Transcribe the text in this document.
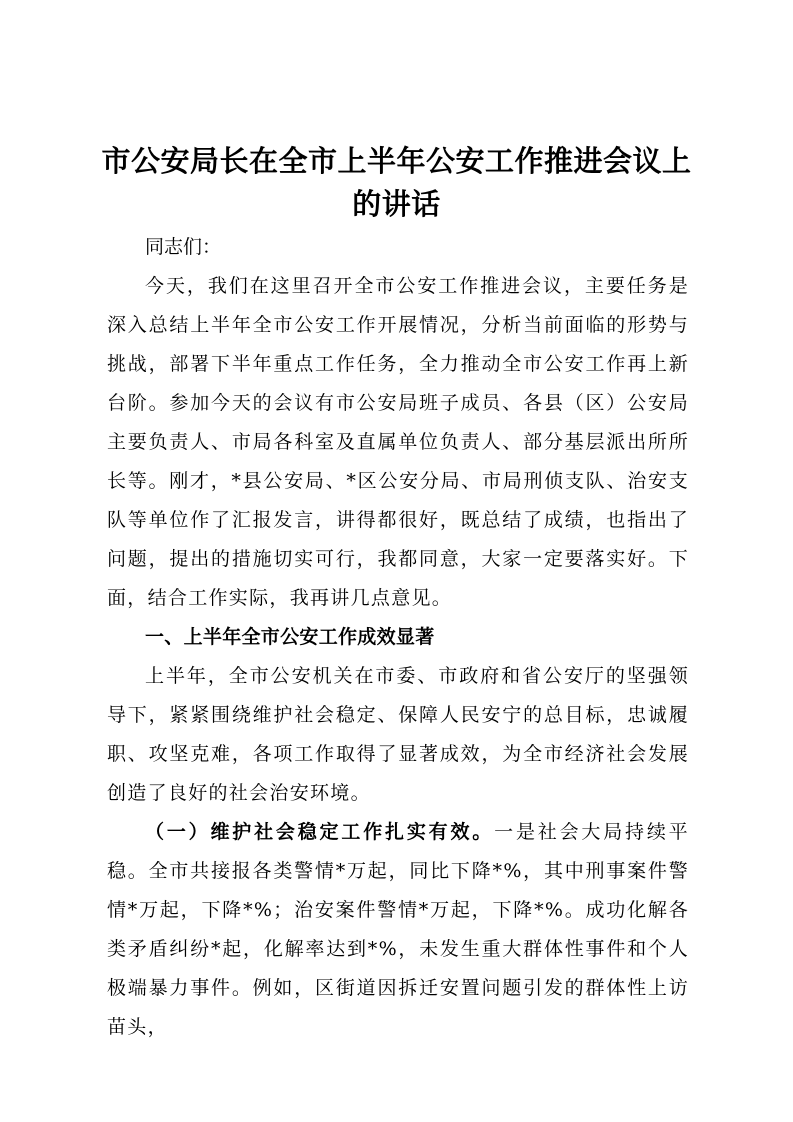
市公安局长在全市上半年公安工作推进会议上的讲话

同志们：

今天，我们在这里召开全市公安工作推进会议，主要任务是深入总结上半年全市公安工作开展情况，分析当前面临的形势与挑战，部署下半年重点工作任务，全力推动全市公安工作再上新台阶。参加今天的会议有市公安局班子成员、各县（区）公安局主要负责人、市局各科室及直属单位负责人、部分基层派出所所长等。刚才，*县公安局、*区公安分局、市局刑侦支队、治安支队等单位作了汇报发言，讲得都很好，既总结了成绩，也指出了问题，提出的措施切实可行，我都同意，大家一定要落实好。下面，结合工作实际，我再讲几点意见。

一、上半年全市公安工作成效显著

上半年，全市公安机关在市委、市政府和省公安厅的坚强领导下，紧紧围绕维护社会稳定、保障人民安宁的总目标，忠诚履职、攻坚克难，各项工作取得了显著成效，为全市经济社会发展创造了良好的社会治安环境。

（一）维护社会稳定工作扎实有效。一是社会大局持续平稳。全市共接报各类警情*万起，同比下降*%，其中刑事案件警情*万起，下降*%；治安案件警情*万起，下降*%。成功化解各类矛盾纠纷*起，化解率达到*%，未发生重大群体性事件和个人极端暴力事件。例如，区街道因拆迁安置问题引发的群体性上访苗头，
